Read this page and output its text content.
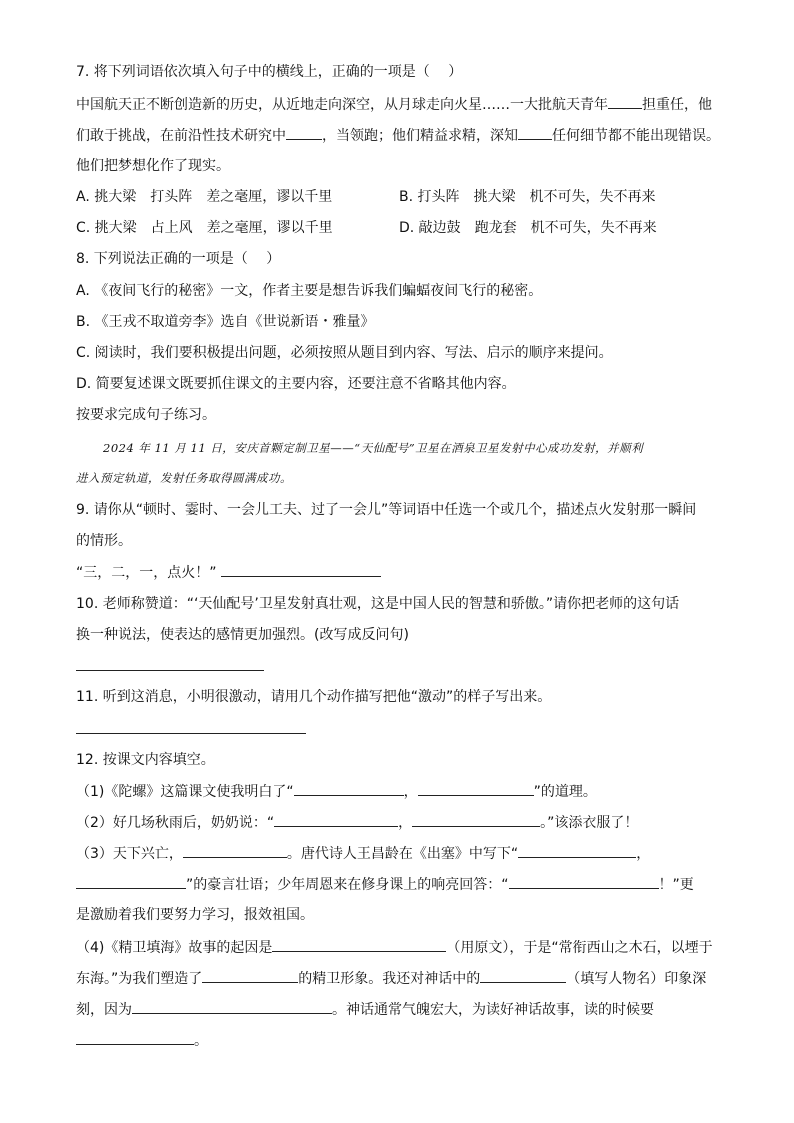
7. 将下列词语依次填入句子中的横线上，正确的一项是（　 ）
中国航天正不断创造新的历史，从近地走向深空，从月球走向火星……一大批航天青年 担重任，他
们敢于挑战，在前沿性技术研究中	，当领跑；他们精益求精，深知 任何细节都不能出现错误。
他们把梦想化作了现实。
A. 挑大梁　打头阵　差之毫厘，谬以千里	B. 打头阵　挑大梁　机不可失，失不再来
C. 挑大梁　占上风　差之毫厘，谬以千里	D. 敲边鼓　跑龙套　机不可失，失不再来
8. 下列说法正确的一项是（　 ）
A. 《夜间飞行的秘密》一文，作者主要是想告诉我们蝙蝠夜间飞行的秘密。
B. 《王戎不取道旁李》选自《世说新语・雅量》
C. 阅读时，我们要积极提出问题，必须按照从题目到内容、写法、启示的顺序来提问。
D. 简要复述课文既要抓住课文的主要内容，还要注意不省略其他内容。
按要求完成句子练习。
2024 年 11 月 11 日，安庆首颗定制卫星——“天仙配号”卫星在酒泉卫星发射中心成功发射，并顺利
进入预定轨道，发射任务取得圆满成功。
9. 请你从“顿时、霎时、一会儿工夫、过了一会儿”等词语中任选一个或几个，描述点火发射那一瞬间
的情形。
“三，二，一，点火！”
10. 老师称赞道：“‘天仙配号’卫星发射真壮观，这是中国人民的智慧和骄傲。”请你把老师的这句话
换一种说法，使表达的感情更加强烈。(改写成反问句)
11. 听到这消息，小明很激动，请用几个动作描写把他“激动”的样子写出来。
12. 按课文内容填空。
（1)《陀螺》这篇课文使我明白了“	，	”的道理。
（2）好几场秋雨后，奶奶说：“	，	。”该添衣服了！
（3）天下兴亡，	。唐代诗人王昌龄在《出塞》中写下“	，
”的豪言壮语；少年周恩来在修身课上的响亮回答：“	！”更
是激励着我们要努力学习，报效祖国。
（4)《精卫填海》故事的起因是	（用原文），于是“常衔西山之木石，以堙于
东海。”为我们塑造了	的精卫形象。我还对神话中的	（填写人物名）印象深
刻，因为	。神话通常气魄宏大，为读好神话故事，读的时候要
。
